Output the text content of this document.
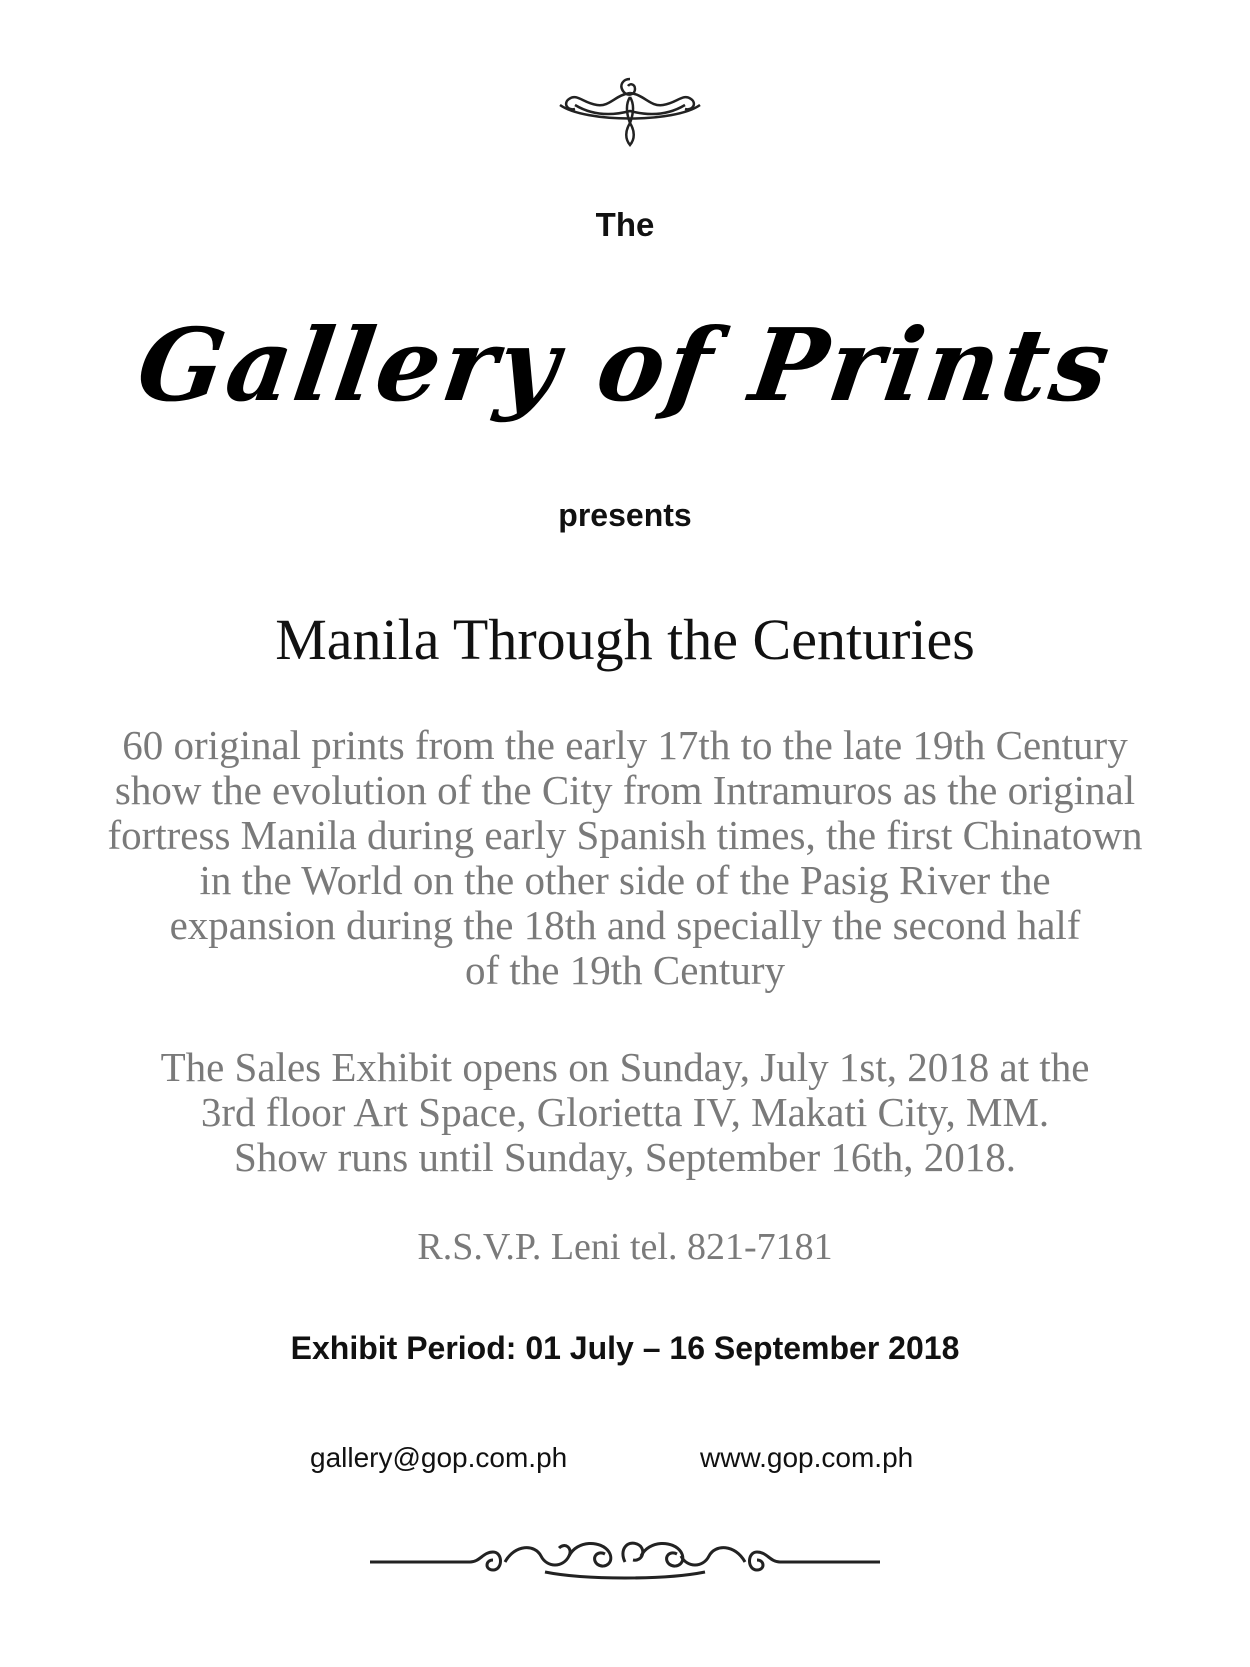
The
Gallery of Prints
presents
Manila Through the Centuries
60 original prints from the early 17th to the late 19th Century
show the evolution of the City from Intramuros as the original
fortress Manila during early Spanish times, the first Chinatown
in the World on the other side of the Pasig River the
expansion during the 18th and specially the second half
of the 19th Century
The Sales Exhibit opens on Sunday, July 1st, 2018 at the
3rd floor Art Space, Glorietta IV, Makati City, MM.
Show runs until Sunday, September 16th, 2018.
R.S.V.P. Leni tel. 821-7181
Exhibit Period: 01 July – 16 September 2018
gallery@gop.com.ph	www.gop.com.ph
